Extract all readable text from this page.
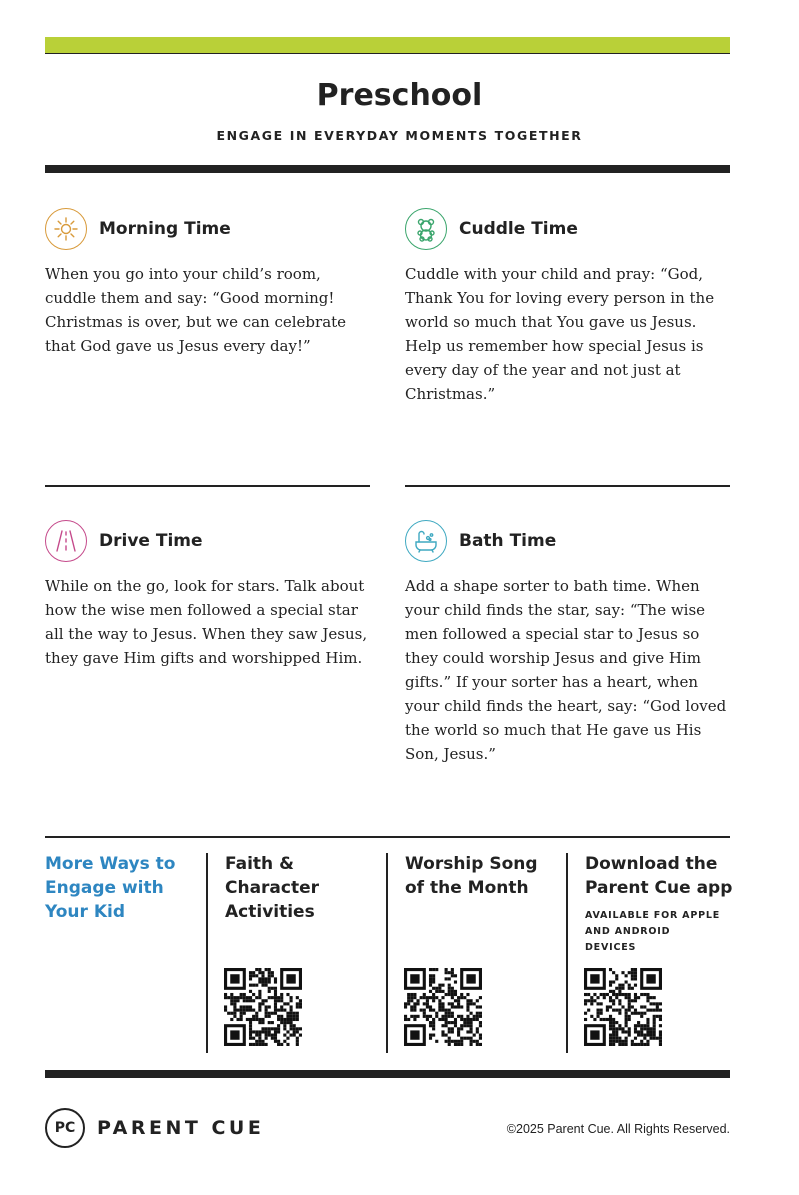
Preschool
ENGAGE IN EVERYDAY MOMENTS TOGETHER
Morning Time
When you go into your child’s room, cuddle them and say: “Good morning! Christmas is over, but we can celebrate that God gave us Jesus every day!”
Cuddle Time
Cuddle with your child and pray: “God, Thank You for loving every person in the world so much that You gave us Jesus. Help us remember how special Jesus is every day of the year and not just at Christmas.”
Drive Time
While on the go, look for stars. Talk about how the wise men followed a special star all the way to Jesus. When they saw Jesus, they gave Him gifts and worshipped Him.
Bath Time
Add a shape sorter to bath time. When your child finds the star, say: “The wise men followed a special star to Jesus so they could worship Jesus and give Him gifts.” If your sorter has a heart, when your child finds the heart, say: “God loved the world so much that He gave us His Son, Jesus.”
More Ways to Engage with Your Kid
Faith & Character Activities
Worship Song of the Month
Download the Parent Cue app
AVAILABLE FOR APPLE AND ANDROID DEVICES
PC	PARENT CUE	©2025 Parent Cue. All Rights Reserved.
